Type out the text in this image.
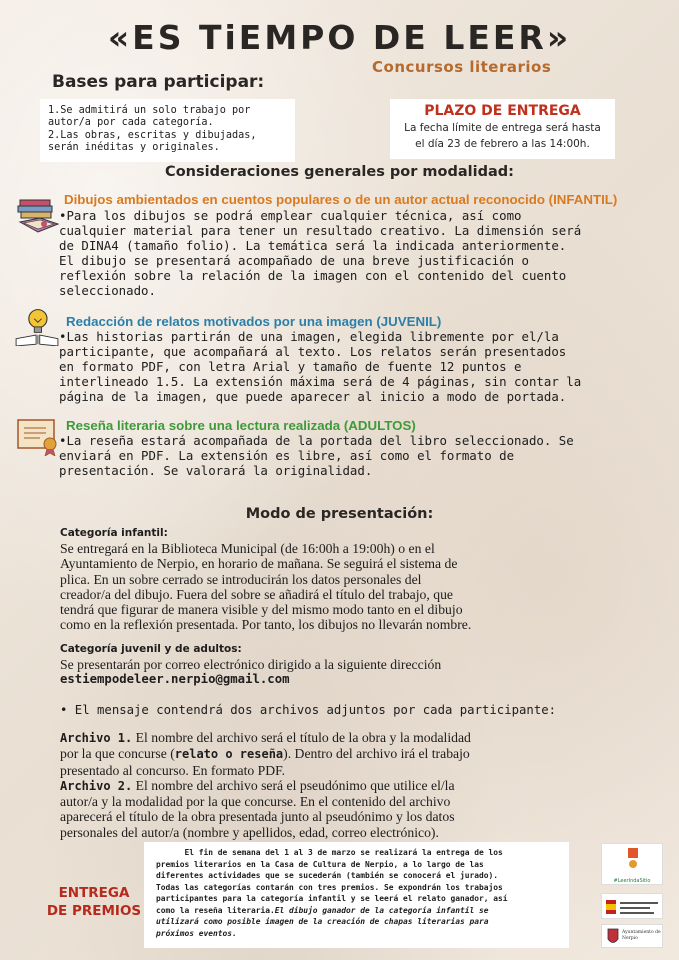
«ES TiEMPO DE LEER»
Concursos literarios
Bases para participar:
1.Se admitirá un solo trabajo por
autor/a por cada categoría.
2.Las obras, escritas y dibujadas,
serán inéditas y originales.
PLAZO DE ENTREGA
La fecha límite de entrega será hasta
el día 23 de febrero a las 14:00h.
Consideraciones generales por modalidad:
Dibujos ambientados en cuentos populares o de un autor actual reconocido (INFANTIL)
•Para los dibujos se podrá emplear cualquier técnica, así como
cualquier material para tener un resultado creativo. La dimensión será
de DINA4 (tamaño folio). La temática será la indicada anteriormente.
El dibujo se presentará acompañado de una breve justificación o
reflexión sobre la relación de la imagen con el contenido del cuento
seleccionado.
Redacción de relatos motivados por una imagen (JUVENIL)
•Las historias partirán de una imagen, elegida libremente por el/la
participante, que acompañará al texto. Los relatos serán presentados
en formato PDF, con letra Arial y tamaño de fuente 12 puntos e
interlineado 1.5. La extensión máxima será de 4 páginas, sin contar la
página de la imagen, que puede aparecer al inicio a modo de portada.
Reseña literaria sobre una lectura realizada (ADULTOS)
•La reseña estará acompañada de la portada del libro seleccionado. Se
enviará en PDF. La extensión es libre, así como el formato de
presentación. Se valorará la originalidad.
Modo de presentación:
Categoría infantil:
Se entregará en la Biblioteca Municipal (de 16:00h a 19:00h) o en el
Ayuntamiento de Nerpio, en horario de mañana. Se seguirá el sistema de
plica. En un sobre cerrado se introducirán los datos personales del
creador/a del dibujo. Fuera del sobre se añadirá el título del trabajo, que
tendrá que figurar de manera visible y del mismo modo tanto en el dibujo
como en la reflexión presentada. Por tanto, los dibujos no llevarán nombre.
Categoría juvenil y de adultos:
Se presentarán por correo electrónico dirigido a la siguiente dirección
estiempodeleer.nerpio@gmail.com
• El mensaje contendrá dos archivos adjuntos por cada participante:
Archivo 1. El nombre del archivo será el título de la obra y la modalidad
por la que concurse (relato o reseña). Dentro del archivo irá el trabajo
presentado al concurso. En formato PDF.
Archivo 2. El nombre del archivo será el pseudónimo que utilice el/la
autor/a y la modalidad por la que concurse. En el contenido del archivo
aparecerá el título de la obra presentada junto al pseudónimo y los datos
personales del autor/a (nombre y apellidos, edad, correo electrónico).
ENTREGA
DE PREMIOS
El fin de semana del 1 al 3 de marzo se realizará la entrega de los
premios literarios en la Casa de Cultura de Nerpio, a lo largo de las
diferentes actividades que se sucederán (también se conocerá el jurado).
Todas las categorías contarán con tres premios. Se expondrán los trabajos
participantes para la categoría infantil y se leerá el relato ganador, así
como la reseña literaria.El dibujo ganador de la categoría infantil se
utilizará como posible imagen de la creación de chapas literarias para
próximos eventos.
#LeerIndaSitio
Ayuntamiento de Nerpio
